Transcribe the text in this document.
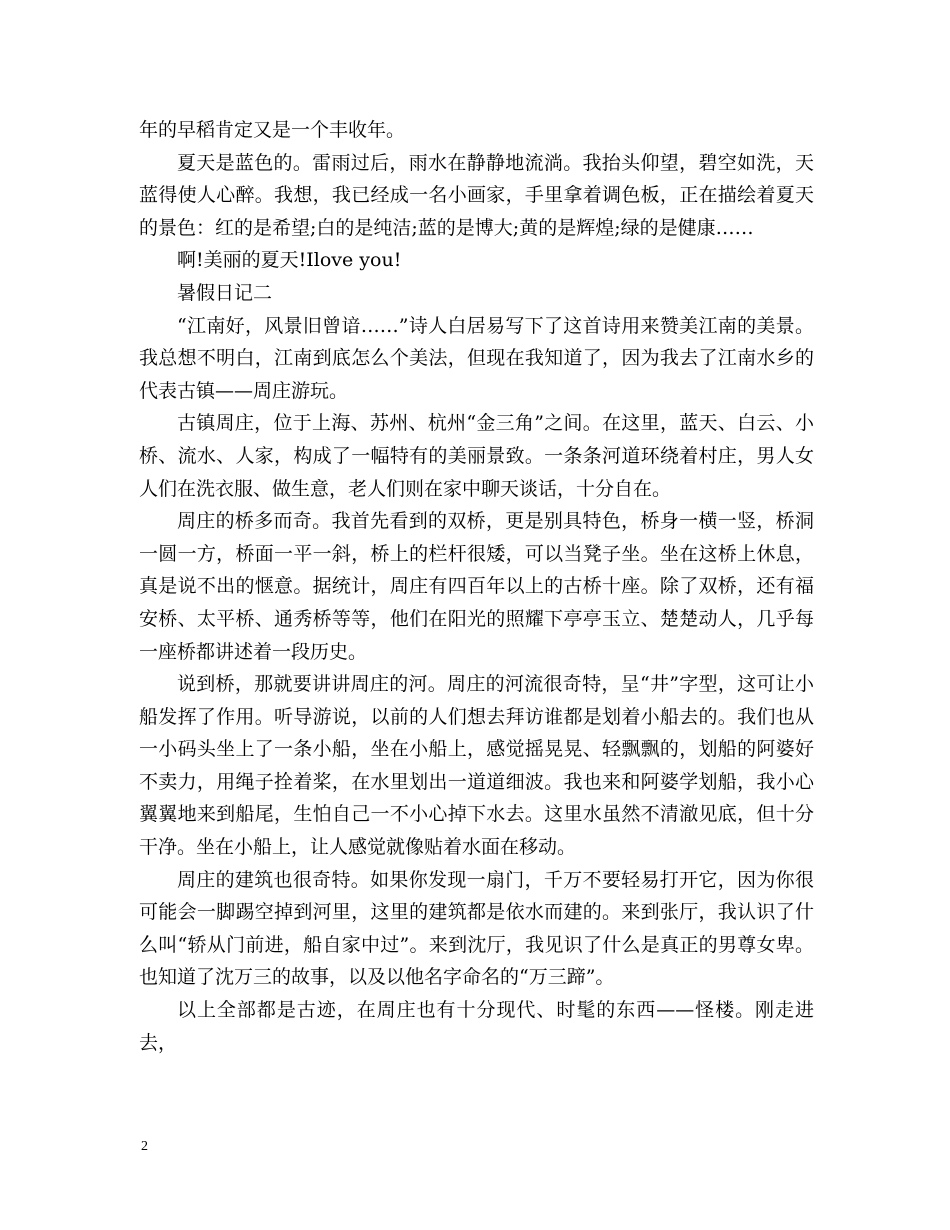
年的早稻肯定又是一个丰收年。

夏天是蓝色的。雷雨过后，雨水在静静地流淌。我抬头仰望，碧空如洗，天蓝得使人心醉。我想，我已经成一名小画家，手里拿着调色板，正在描绘着夏天的景色：红的是希望;白的是纯洁;蓝的是博大;黄的是辉煌;绿的是健康……

啊!美丽的夏天!Ilove you!

暑假日记二

“江南好，风景旧曾谙……”诗人白居易写下了这首诗用来赞美江南的美景。我总想不明白，江南到底怎么个美法，但现在我知道了，因为我去了江南水乡的代表古镇——周庄游玩。

古镇周庄，位于上海、苏州、杭州“金三角”之间。在这里，蓝天、白云、小桥、流水、人家，构成了一幅特有的美丽景致。一条条河道环绕着村庄，男人女人们在洗衣服、做生意，老人们则在家中聊天谈话，十分自在。

周庄的桥多而奇。我首先看到的双桥，更是别具特色，桥身一横一竖，桥洞一圆一方，桥面一平一斜，桥上的栏杆很矮，可以当凳子坐。坐在这桥上休息，真是说不出的惬意。据统计，周庄有四百年以上的古桥十座。除了双桥，还有福安桥、太平桥、通秀桥等等，他们在阳光的照耀下亭亭玉立、楚楚动人，几乎每一座桥都讲述着一段历史。

说到桥，那就要讲讲周庄的河。周庄的河流很奇特，呈“井”字型，这可让小船发挥了作用。听导游说，以前的人们想去拜访谁都是划着小船去的。我们也从一小码头坐上了一条小船，坐在小船上，感觉摇晃晃、轻飘飘的，划船的阿婆好不卖力，用绳子拴着桨，在水里划出一道道细波。我也来和阿婆学划船，我小心翼翼地来到船尾，生怕自己一不小心掉下水去。这里水虽然不清澈见底，但十分干净。坐在小船上，让人感觉就像贴着水面在移动。

周庄的建筑也很奇特。如果你发现一扇门，千万不要轻易打开它，因为你很可能会一脚踢空掉到河里，这里的建筑都是依水而建的。来到张厅，我认识了什么叫“轿从门前进，船自家中过”。来到沈厅，我见识了什么是真正的男尊女卑。也知道了沈万三的故事，以及以他名字命名的“万三蹄”。

以上全部都是古迹，在周庄也有十分现代、时髦的东西——怪楼。刚走进去，

2
